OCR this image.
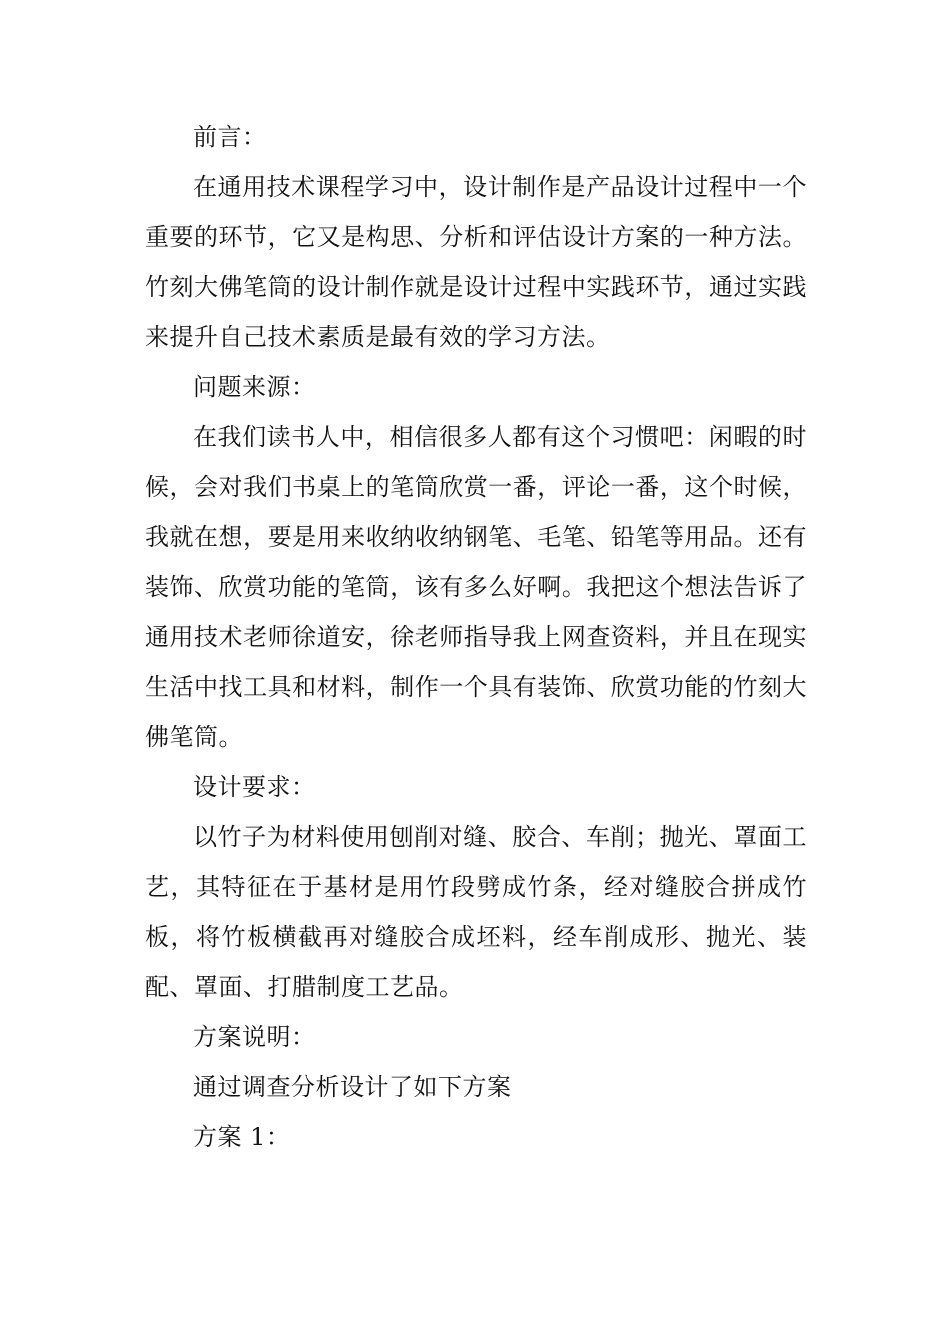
前言：

在通用技术课程学习中，设计制作是产品设计过程中一个重要的环节，它又是构思、分析和评估设计方案的一种方法。竹刻大佛笔筒的设计制作就是设计过程中实践环节，通过实践来提升自己技术素质是最有效的学习方法。

问题来源：

在我们读书人中，相信很多人都有这个习惯吧：闲暇的时候，会对我们书桌上的笔筒欣赏一番，评论一番，这个时候，我就在想，要是用来收纳收纳钢笔、毛笔、铅笔等用品。还有装饰、欣赏功能的笔筒，该有多么好啊。我把这个想法告诉了通用技术老师徐道安，徐老师指导我上网查资料，并且在现实生活中找工具和材料，制作一个具有装饰、欣赏功能的竹刻大佛笔筒。

设计要求：

以竹子为材料使用刨削对缝、胶合、车削；抛光、罩面工艺，其特征在于基材是用竹段劈成竹条，经对缝胶合拼成竹板，将竹板横截再对缝胶合成坯料，经车削成形、抛光、装配、罩面、打腊制度工艺品。

方案说明：

通过调查分析设计了如下方案

方案 1：
